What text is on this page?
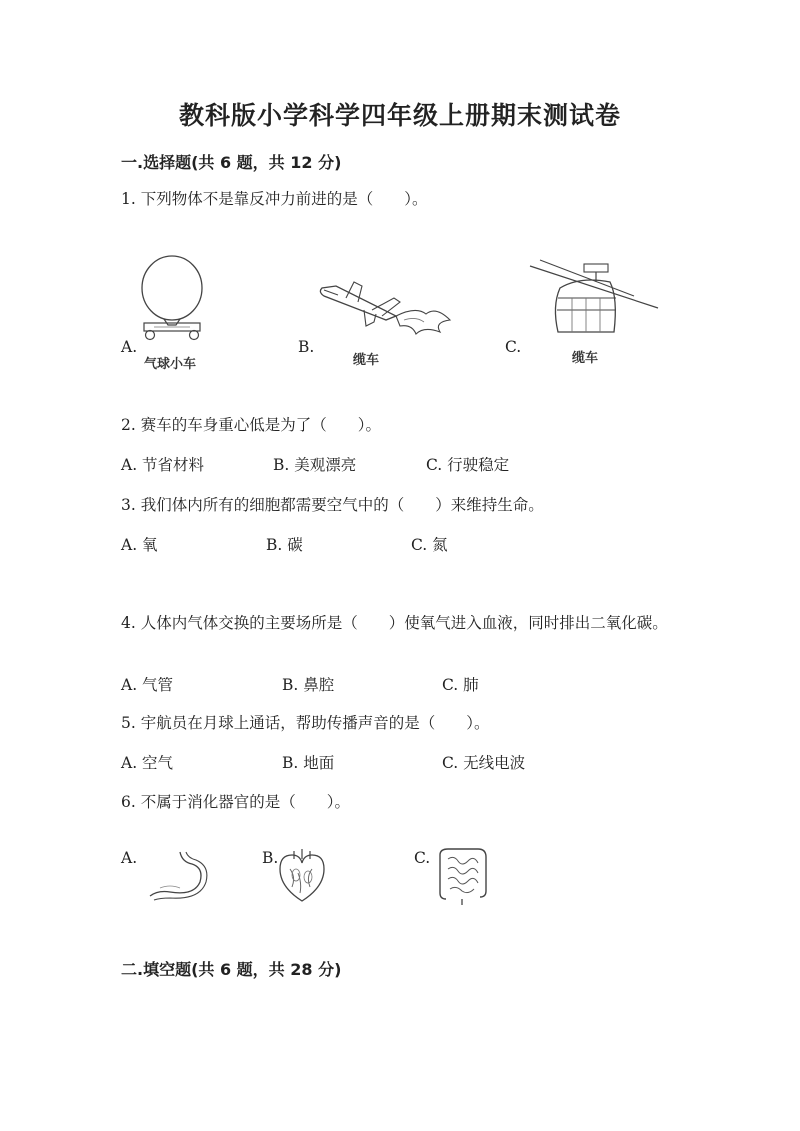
教科版小学科学四年级上册期末测试卷
一.选择题(共 6 题，共 12 分)
1. 下列物体不是靠反冲力前进的是（　　）。
A.
气球小车
B.
缆车
C.
缆车
2. 赛车的车身重心低是为了（　　）。
A. 节省材料	B. 美观漂亮	C. 行驶稳定
3. 我们体内所有的细胞都需要空气中的（　　）来维持生命。
A. 氧	B. 碳	C. 氮
4. 人体内气体交换的主要场所是（　　）使氧气进入血液，同时排出二氧化碳。
A. 气管	B. 鼻腔	C. 肺
5. 宇航员在月球上通话，帮助传播声音的是（　　）。
A. 空气	B. 地面	C. 无线电波
6. 不属于消化器官的是（　　）。
A.	B.	C.
二.填空题(共 6 题，共 28 分)
